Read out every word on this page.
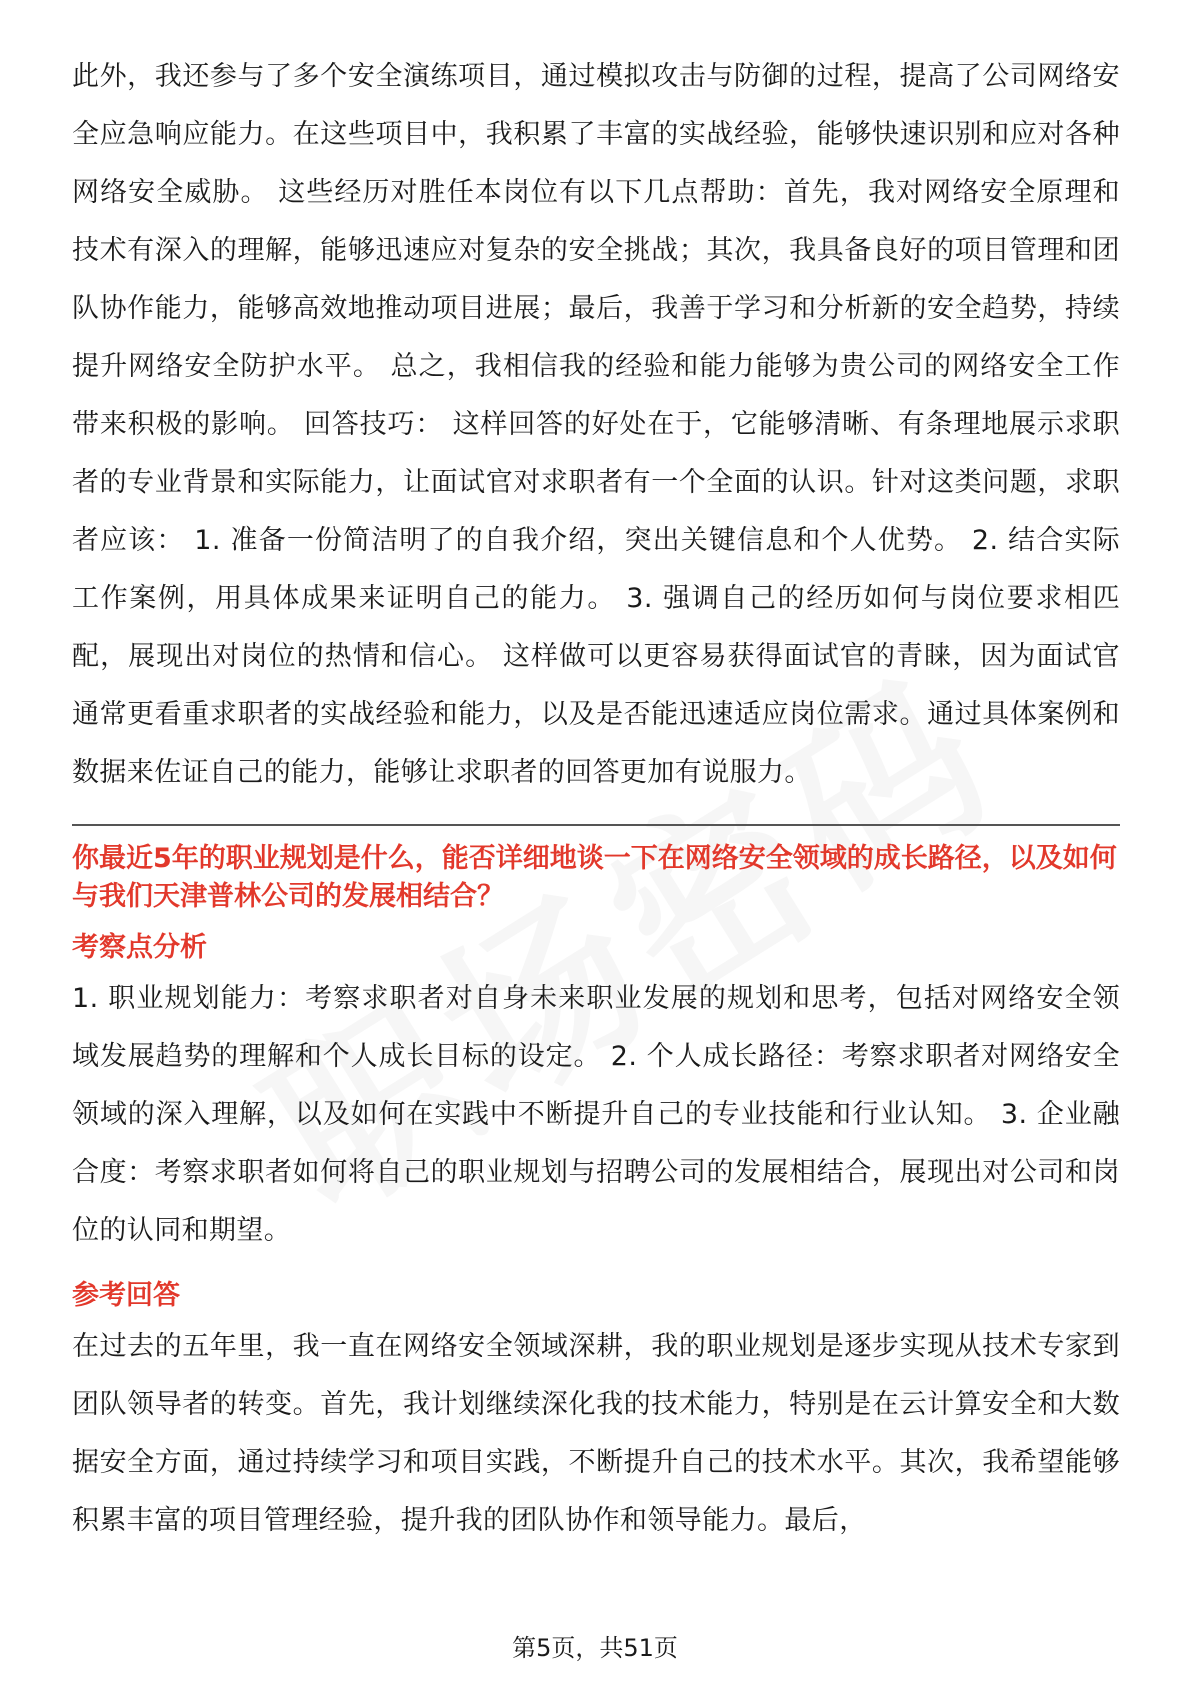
此外，我还参与了多个安全演练项目，通过模拟攻击与防御的过程，提高了公司网络安全应急响应能力。在这些项目中，我积累了丰富的实战经验，能够快速识别和应对各种网络安全威胁。 这些经历对胜任本岗位有以下几点帮助：首先，我对网络安全原理和技术有深入的理解，能够迅速应对复杂的安全挑战；其次，我具备良好的项目管理和团队协作能力，能够高效地推动项目进展；最后，我善于学习和分析新的安全趋势，持续提升网络安全防护水平。 总之，我相信我的经验和能力能够为贵公司的网络安全工作带来积极的影响。 回答技巧： 这样回答的好处在于，它能够清晰、有条理地展示求职者的专业背景和实际能力，让面试官对求职者有一个全面的认识。针对这类问题，求职者应该： 1. 准备一份简洁明了的自我介绍，突出关键信息和个人优势。 2. 结合实际工作案例，用具体成果来证明自己的能力。 3. 强调自己的经历如何与岗位要求相匹配，展现出对岗位的热情和信心。 这样做可以更容易获得面试官的青睐，因为面试官通常更看重求职者的实战经验和能力，以及是否能迅速适应岗位需求。通过具体案例和数据来佐证自己的能力，能够让求职者的回答更加有说服力。

你最近5年的职业规划是什么，能否详细地谈一下在网络安全领域的成长路径，以及如何与我们天津普林公司的发展相结合？

考察点分析

1. 职业规划能力：考察求职者对自身未来职业发展的规划和思考，包括对网络安全领域发展趋势的理解和个人成长目标的设定。 2. 个人成长路径：考察求职者对网络安全领域的深入理解，以及如何在实践中不断提升自己的专业技能和行业认知。 3. 企业融合度：考察求职者如何将自己的职业规划与招聘公司的发展相结合，展现出对公司和岗位的认同和期望。

参考回答

在过去的五年里，我一直在网络安全领域深耕，我的职业规划是逐步实现从技术专家到团队领导者的转变。首先，我计划继续深化我的技术能力，特别是在云计算安全和大数据安全方面，通过持续学习和项目实践，不断提升自己的技术水平。其次，我希望能够积累丰富的项目管理经验，提升我的团队协作和领导能力。最后，

第5页，共51页
